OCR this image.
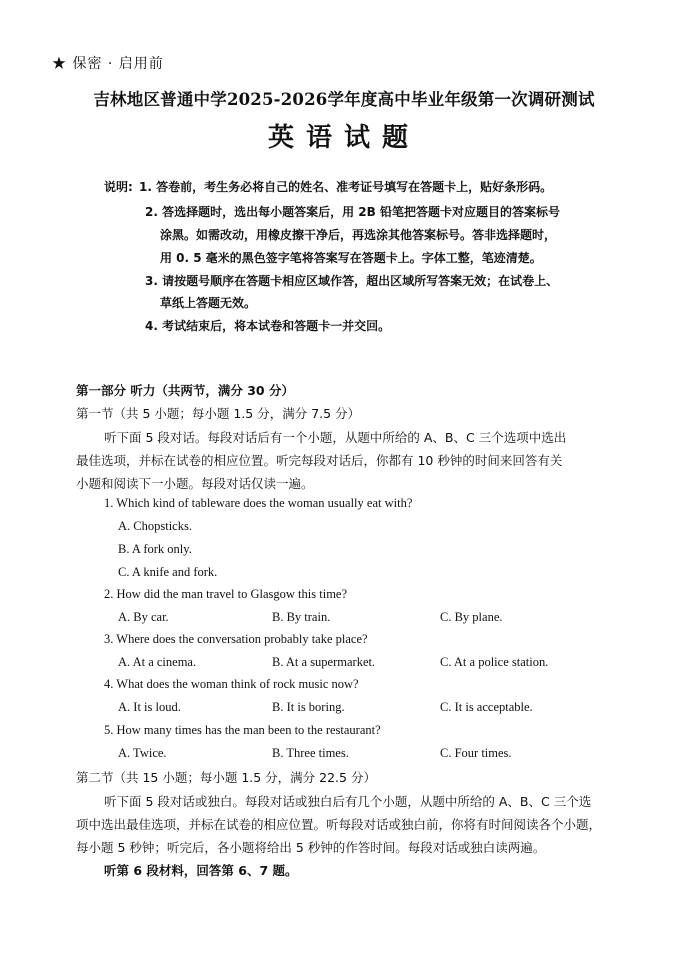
★ 保密 · 启用前
吉林地区普通中学2025-2026学年度高中毕业年级第一次调研测试
英语试题
说明: 1. 答卷前，考生务必将自己的姓名、准考证号填写在答题卡上，贴好条形码。
2. 答选择题时，选出每小题答案后，用 2B 铅笔把答题卡对应题目的答案标号
涂黑。如需改动，用橡皮擦干净后，再选涂其他答案标号。答非选择题时，
用 0. 5 毫米的黑色签字笔将答案写在答题卡上。字体工整，笔迹清楚。
3. 请按题号顺序在答题卡相应区域作答，超出区域所写答案无效；在试卷上、
草纸上答题无效。
4. 考试结束后，将本试卷和答题卡一并交回。
第一部分 听力（共两节，满分 30 分）
第一节（共 5 小题；每小题 1.5 分，满分 7.5 分）
听下面 5 段对话。每段对话后有一个小题，从题中所给的 A、B、C 三个选项中选出
最佳选项，并标在试卷的相应位置。听完每段对话后，你都有 10 秒钟的时间来回答有关
小题和阅读下一小题。每段对话仅读一遍。
1. Which kind of tableware does the woman usually eat with?
A. Chopsticks.
B. A fork only.
C. A knife and fork.
2. How did the man travel to Glasgow this time?
A. By car.	B. By train.	C. By plane.
3. Where does the conversation probably take place?
A. At a cinema.	B. At a supermarket.	C. At a police station.
4. What does the woman think of rock music now?
A. It is loud.	B. It is boring.	C. It is acceptable.
5. How many times has the man been to the restaurant?
A. Twice.	B. Three times.	C. Four times.
第二节（共 15 小题；每小题 1.5 分，满分 22.5 分）
听下面 5 段对话或独白。每段对话或独白后有几个小题，从题中所给的 A、B、C 三个选
项中选出最佳选项，并标在试卷的相应位置。听每段对话或独白前，你将有时间阅读各个小题，
每小题 5 秒钟；听完后，各小题将给出 5 秒钟的作答时间。每段对话或独白读两遍。
听第 6 段材料，回答第 6、7 题。
